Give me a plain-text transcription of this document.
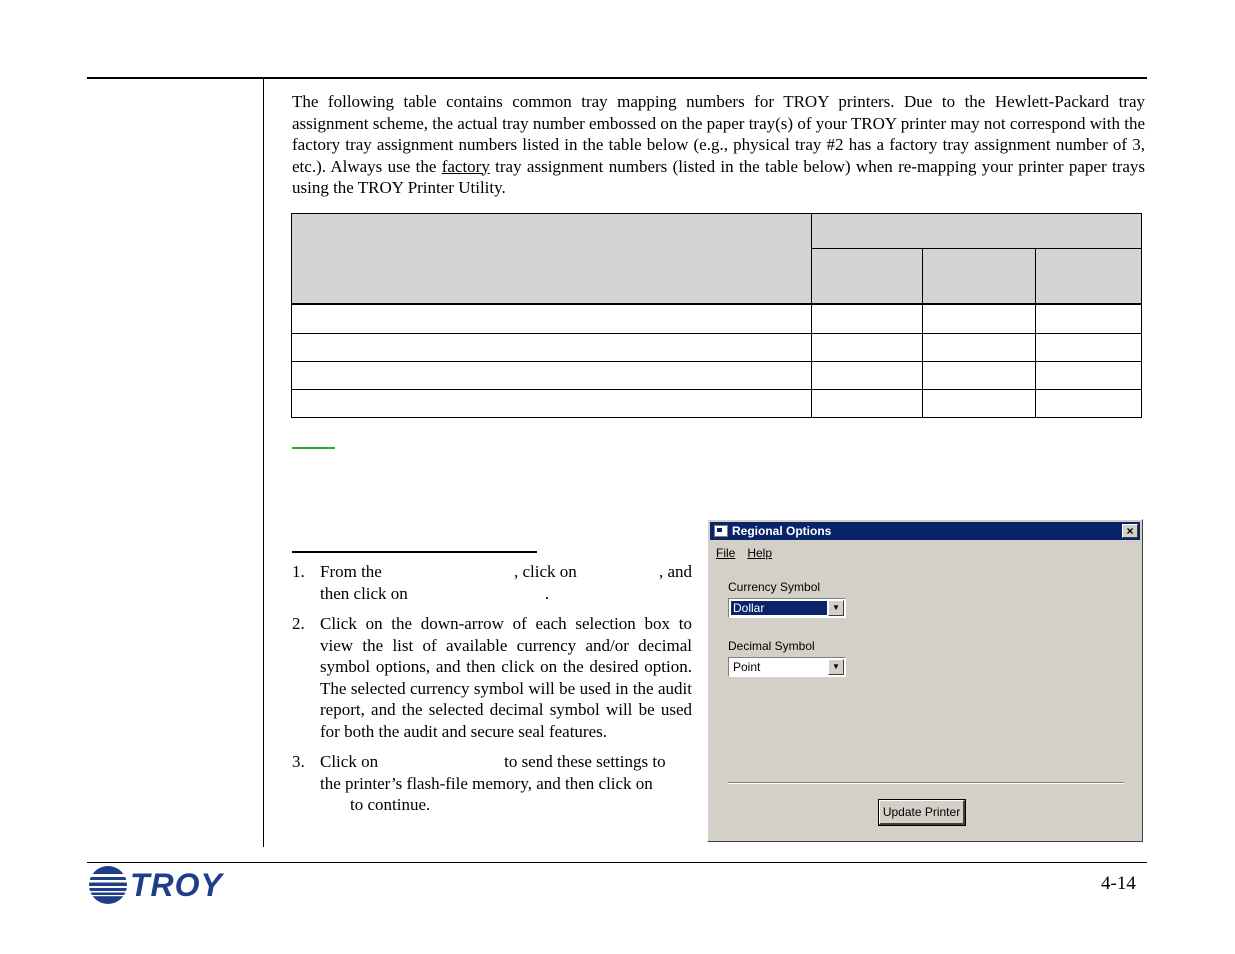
The following table contains common tray mapping numbers for TROY printers. Due to the Hewlett-Packard tray assignment scheme, the actual tray number embossed on the paper tray(s) of your TROY printer may not correspond with the factory tray assignment numbers listed in the table below (e.g., physical tray #2 has a factory tray assignment number of 3, etc.). Always use the factory tray assignment numbers (listed in the table below) when re-mapping your printer paper trays using the TROY Printer Utility.

1. From the	, click on	, and
then click on	.
2. Click on the down-arrow of each selection box to view the list of available currency and/or decimal symbol options, and then click on the desired option. The selected currency symbol will be used in the audit report, and the selected decimal symbol will be used for both the audit and secure seal features.
3. Click on	to send these settings to
the printer’s flash-file memory, and then click on
to continue.
Regional Options	×
File Help
Currency Symbol
Dollar	▼
Decimal Symbol
Point	▼
Update Printer
TROY	4-14
